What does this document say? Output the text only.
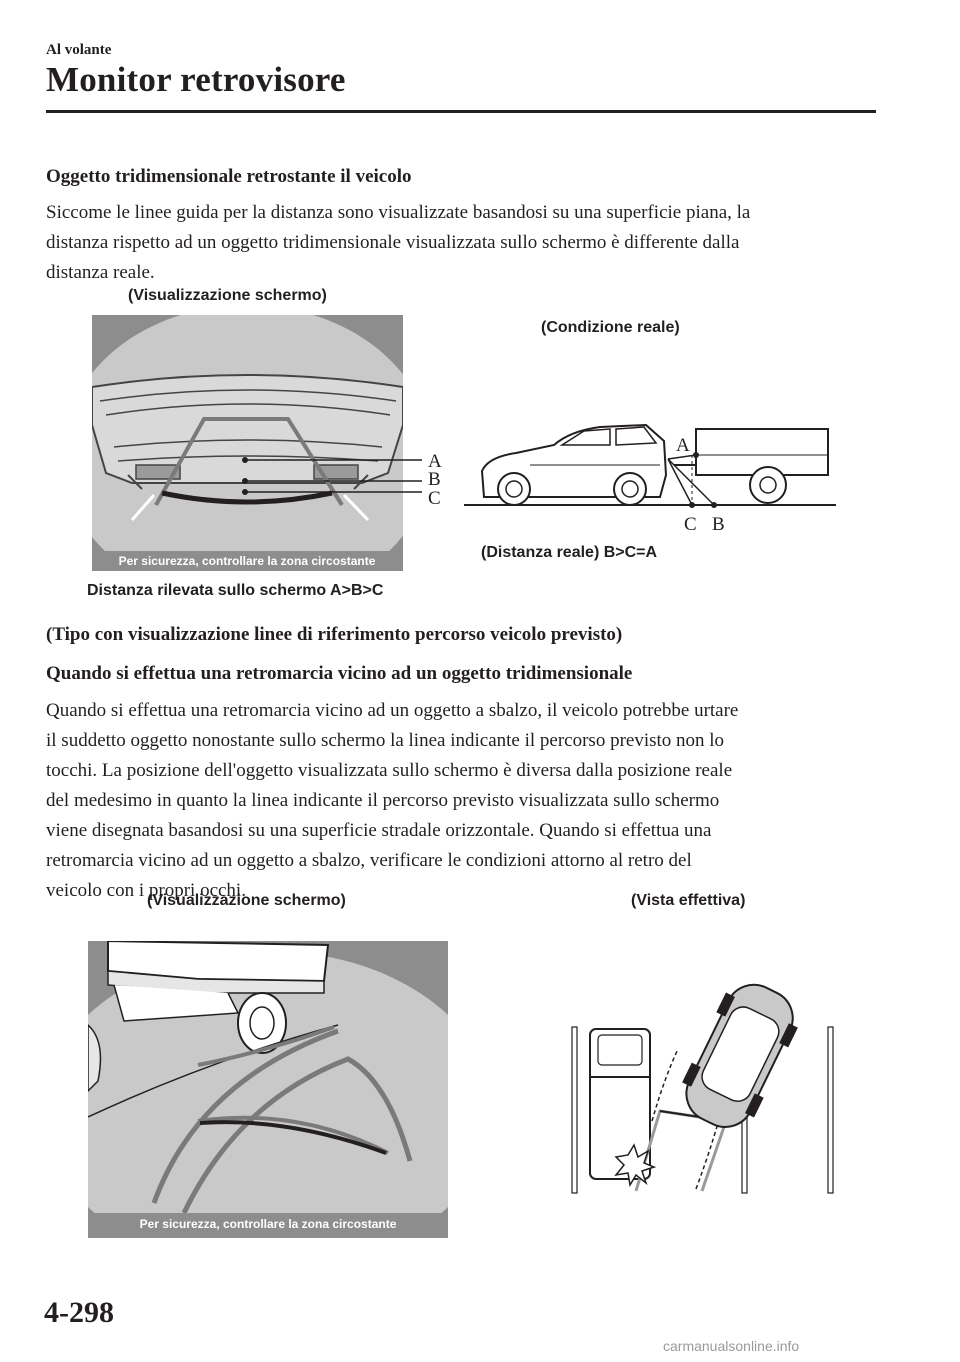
Al volante
Monitor retrovisore
Oggetto tridimensionale retrostante il veicolo
Siccome le linee guida per la distanza sono visualizzate basandosi su una superficie piana, la
distanza rispetto ad un oggetto tridimensionale visualizzata sullo schermo è differente dalla
distanza reale.
(Visualizzazione schermo)
(Condizione reale)
(Distanza reale) B>C=A
Distanza rilevata sullo schermo A>B>C
Per sicurezza, controllare la zona circostante
A
B
C
A
C B
(Tipo con visualizzazione linee di riferimento percorso veicolo previsto)
Quando si effettua una retromarcia vicino ad un oggetto tridimensionale
Quando si effettua una retromarcia vicino ad un oggetto a sbalzo, il veicolo potrebbe urtare
il suddetto oggetto nonostante sullo schermo la linea indicante il percorso previsto non lo
tocchi. La posizione dell'oggetto visualizzata sullo schermo è diversa dalla posizione reale
del medesimo in quanto la linea indicante il percorso previsto visualizzata sullo schermo
viene disegnata basandosi su una superficie stradale orizzontale. Quando si effettua una
retromarcia vicino ad un oggetto a sbalzo, verificare le condizioni attorno al retro del
veicolo con i propri occhi.
(Visualizzazione schermo)	(Vista effettiva)
Per sicurezza, controllare la zona circostante
4-298
carmanualsonline.info
